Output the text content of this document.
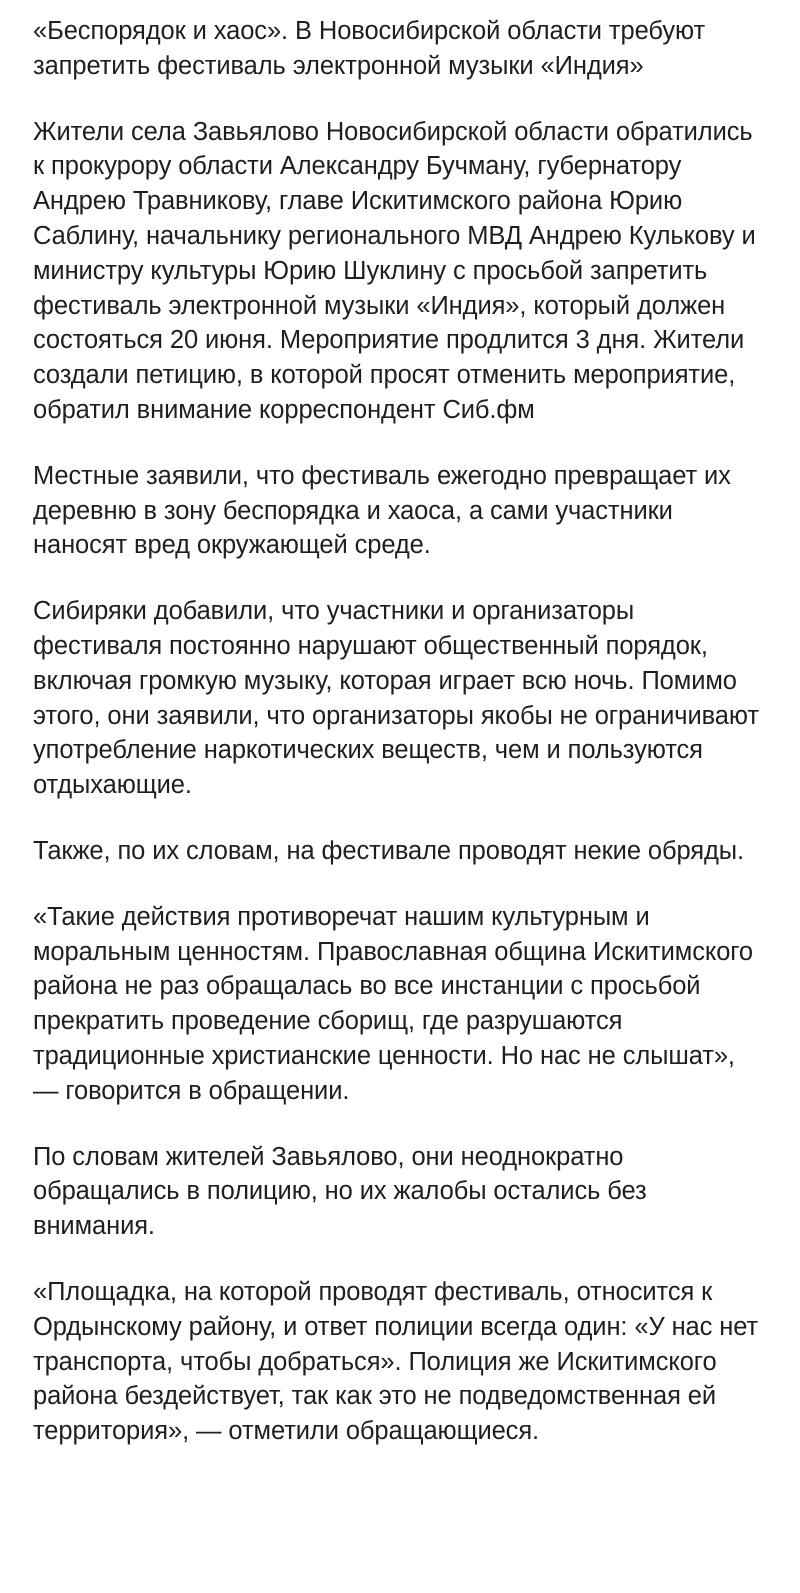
«Беспорядок и хаос». В Новосибирской области требуют запретить фестиваль электронной музыки «Индия»

Жители села Завьялово Новосибирской области обратились к прокурору области Александру Бучману, губернатору Андрею Травникову, главе Искитимского района Юрию Саблину, начальнику регионального МВД Андрею Кулькову и министру культуры Юрию Шуклину с просьбой запретить фестиваль электронной музыки «Индия», который должен состояться 20 июня. Мероприятие продлится 3 дня. Жители создали петицию, в которой просят отменить мероприятие, обратил внимание корреспондент Сиб.фм

Местные заявили, что фестиваль ежегодно превращает их деревню в зону беспорядка и хаоса, а сами участники наносят вред окружающей среде.

Сибиряки добавили, что участники и организаторы фестиваля постоянно нарушают общественный порядок, включая громкую музыку, которая играет всю ночь. Помимо этого, они заявили, что организаторы якобы не ограничивают употребление наркотических веществ, чем и пользуются отдыхающие.

Также, по их словам, на фестивале проводят некие обряды.

«Такие действия противоречат нашим культурным и моральным ценностям. Православная община Искитимского района не раз обращалась во все инстанции с просьбой прекратить проведение сборищ, где разрушаются традиционные христианские ценности. Но нас не слышат», — говорится в обращении.

По словам жителей Завьялово, они неоднократно обращались в полицию, но их жалобы остались без внимания.

«Площадка, на которой проводят фестиваль, относится к Ордынскому району, и ответ полиции всегда один: «У нас нет транспорта, чтобы добраться». Полиция же Искитимского района бездействует, так как это не подведомственная ей территория», — отметили обращающиеся.
